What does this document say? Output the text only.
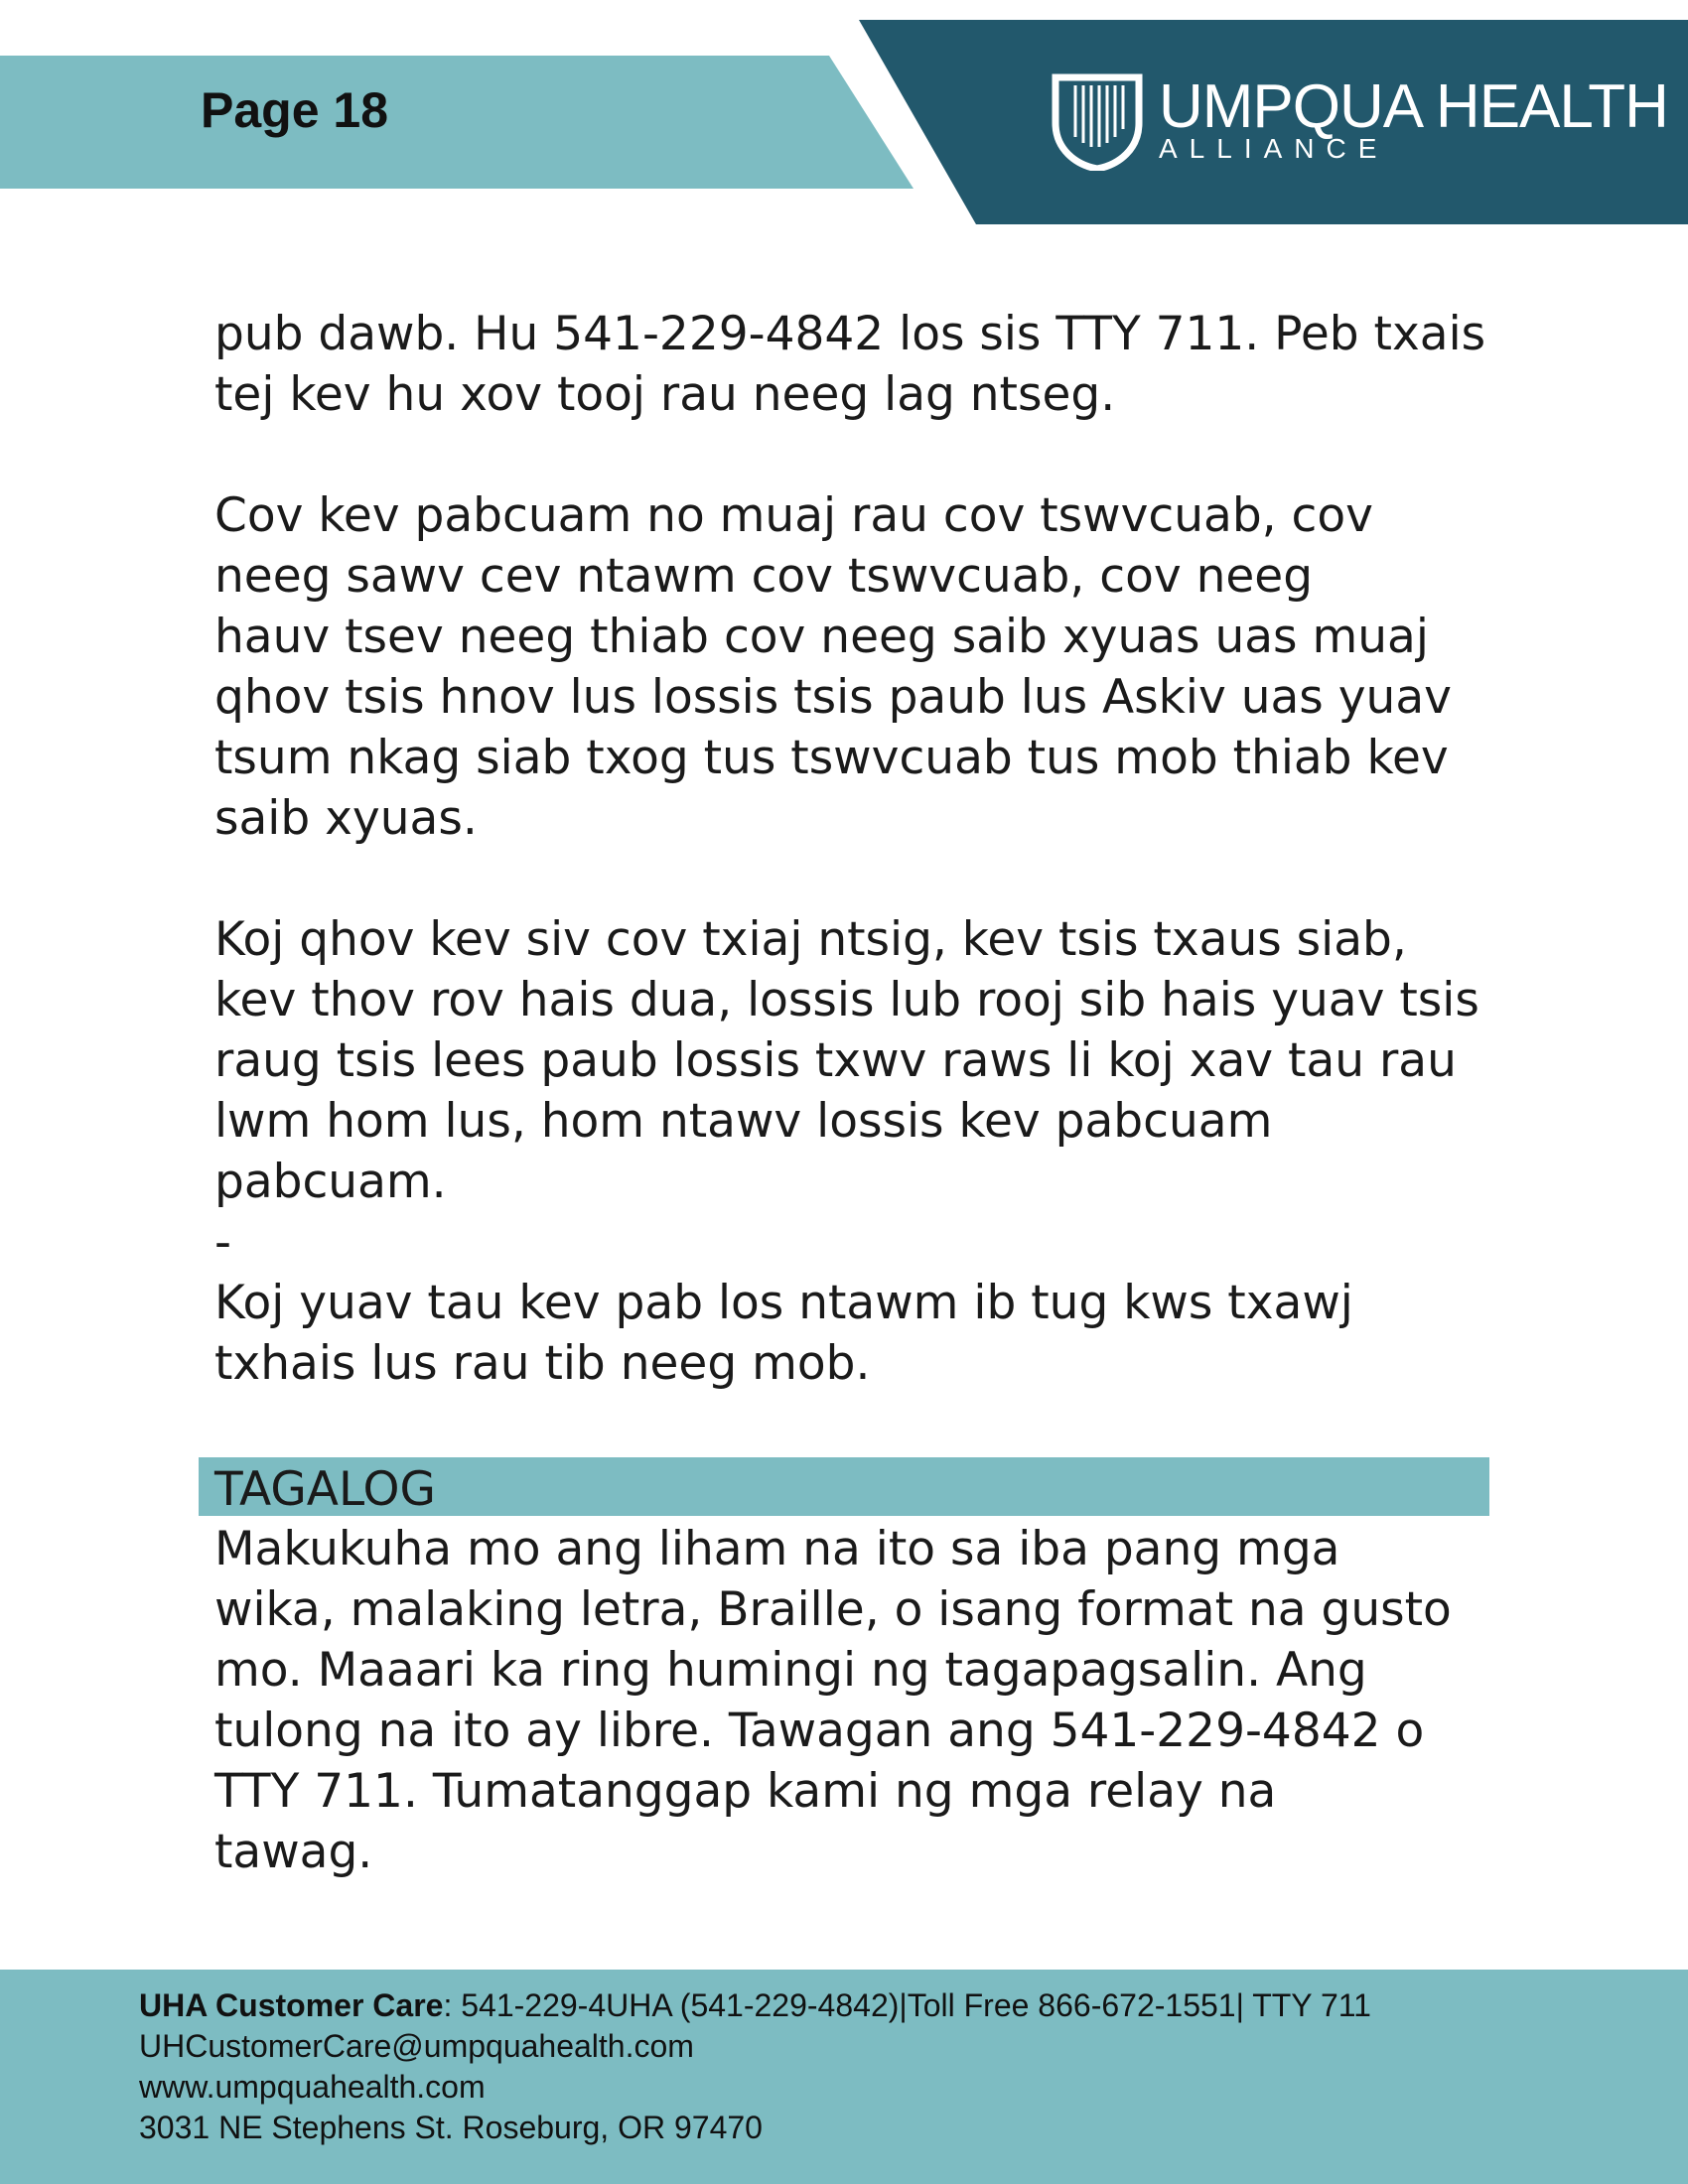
Page 18	UMPQUA HEALTH
ALLIANCE
pub dawb. Hu 541-229-4842 los sis TTY 711. Peb txais
tej kev hu xov tooj rau neeg lag ntseg.
Cov kev pabcuam no muaj rau cov tswvcuab, cov
neeg sawv cev ntawm cov tswvcuab, cov neeg
hauv tsev neeg thiab cov neeg saib xyuas uas muaj
qhov tsis hnov lus lossis tsis paub lus Askiv uas yuav
tsum nkag siab txog tus tswvcuab tus mob thiab kev
saib xyuas.
Koj qhov kev siv cov txiaj ntsig, kev tsis txaus siab,
kev thov rov hais dua, lossis lub rooj sib hais yuav tsis
raug tsis lees paub lossis txwv raws li koj xav tau rau
lwm hom lus, hom ntawv lossis kev pabcuam
pabcuam.
-
Koj yuav tau kev pab los ntawm ib tug kws txawj
txhais lus rau tib neeg mob.
TAGALOG
Makukuha mo ang liham na ito sa iba pang mga
wika, malaking letra, Braille, o isang format na gusto
mo. Maaari ka ring humingi ng tagapagsalin. Ang
tulong na ito ay libre. Tawagan ang 541-229-4842 o
TTY 711. Tumatanggap kami ng mga relay na
tawag.
UHA Customer Care: 541-229-4UHA (541-229-4842)|Toll Free 866-672-1551| TTY 711
UHCustomerCare@umpquahealth.com
www.umpquahealth.com
3031 NE Stephens St. Roseburg, OR 97470
